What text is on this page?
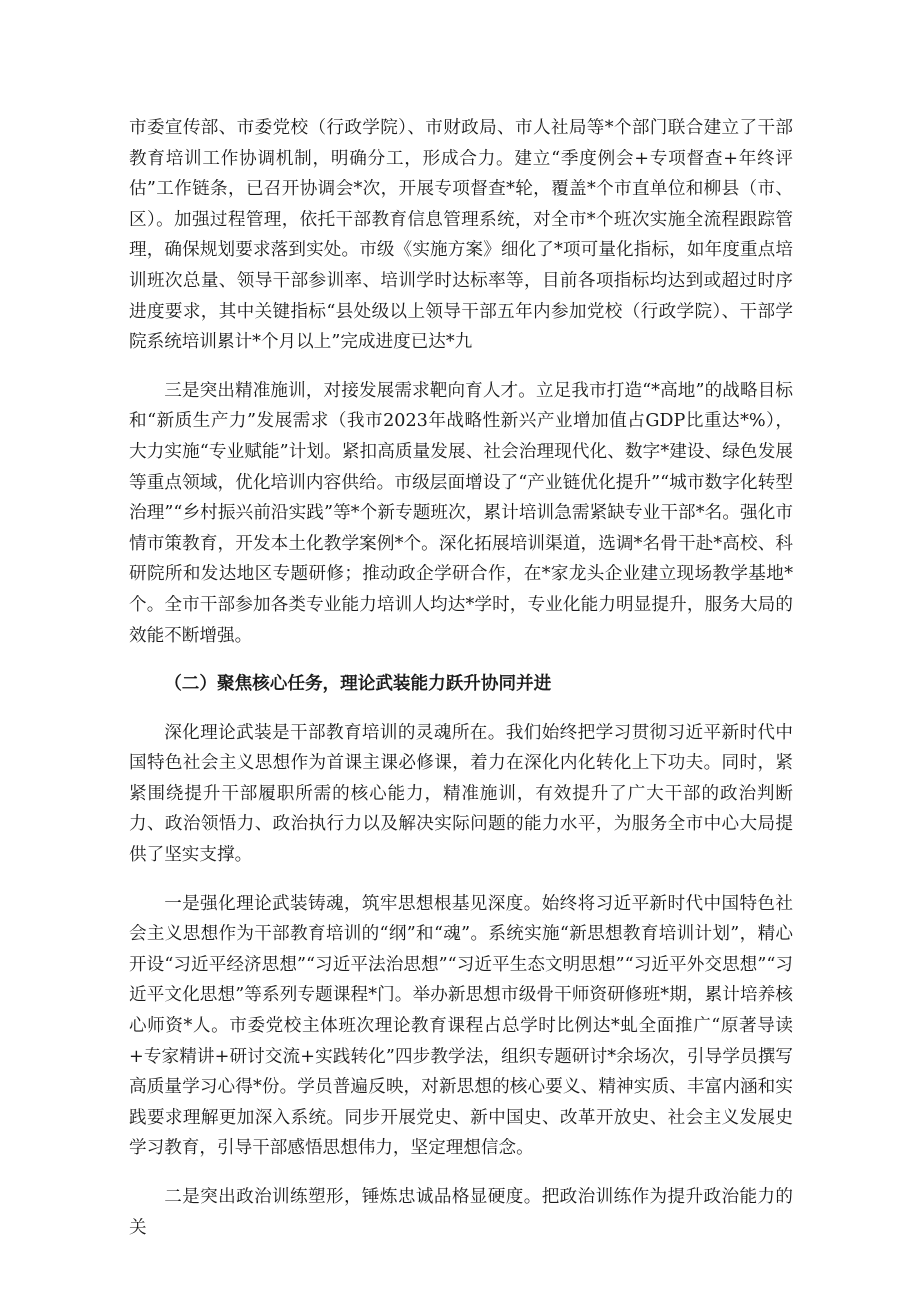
市委宣传部、市委党校（行政学院）、市财政局、市人社局等*个部门联合建立了干部教育培训工作协调机制，明确分工，形成合力。建立“季度例会+专项督查+年终评估”工作链条，已召开协调会*次，开展专项督查*轮，覆盖*个市直单位和柳县（市、区）。加强过程管理，依托干部教育信息管理系统，对全市*个班次实施全流程跟踪管理，确保规划要求落到实处。市级《实施方案》细化了*项可量化指标，如年度重点培训班次总量、领导干部参训率、培训学时达标率等，目前各项指标均达到或超过时序进度要求，其中关键指标“县处级以上领导干部五年内参加党校（行政学院）、干部学院系统培训累计*个月以上”完成进度已达*九

三是突出精准施训，对接发展需求靶向育人才。立足我市打造“*高地”的战略目标和“新质生产力”发展需求（我市2023年战略性新兴产业增加值占GDP比重达*%），大力实施“专业赋能”计划。紧扣高质量发展、社会治理现代化、数字*建设、绿色发展等重点领域，优化培训内容供给。市级层面增设了“产业链优化提升”“城市数字化转型治理”“乡村振兴前沿实践”等*个新专题班次，累计培训急需紧缺专业干部*名。强化市情市策教育，开发本土化教学案例*个。深化拓展培训渠道，选调*名骨干赴*高校、科研院所和发达地区专题研修；推动政企学研合作，在*家龙头企业建立现场教学基地*个。全市干部参加各类专业能力培训人均达*学时，专业化能力明显提升，服务大局的效能不断增强。

（二）聚焦核心任务，理论武装能力跃升协同并进

深化理论武装是干部教育培训的灵魂所在。我们始终把学习贯彻习近平新时代中国特色社会主义思想作为首课主课必修课，着力在深化内化转化上下功夫。同时，紧紧围绕提升干部履职所需的核心能力，精准施训，有效提升了广大干部的政治判断力、政治领悟力、政治执行力以及解决实际问题的能力水平，为服务全市中心大局提供了坚实支撑。

一是强化理论武装铸魂，筑牢思想根基见深度。始终将习近平新时代中国特色社会主义思想作为干部教育培训的“纲”和“魂”。系统实施“新思想教育培训计划”，精心开设“习近平经济思想”“习近平法治思想”“习近平生态文明思想”“习近平外交思想”“习近平文化思想”等系列专题课程*门。举办新思想市级骨干师资研修班*期，累计培养核心师资*人。市委党校主体班次理论教育课程占总学时比例达*虬全面推广“原著导读+专家精讲+研讨交流+实践转化”四步教学法，组织专题研讨*余场次，引导学员撰写高质量学习心得*份。学员普遍反映，对新思想的核心要义、精神实质、丰富内涵和实践要求理解更加深入系统。同步开展党史、新中国史、改革开放史、社会主义发展史学习教育，引导干部感悟思想伟力，坚定理想信念。

二是突出政治训练塑形，锤炼忠诚品格显硬度。把政治训练作为提升政治能力的关
